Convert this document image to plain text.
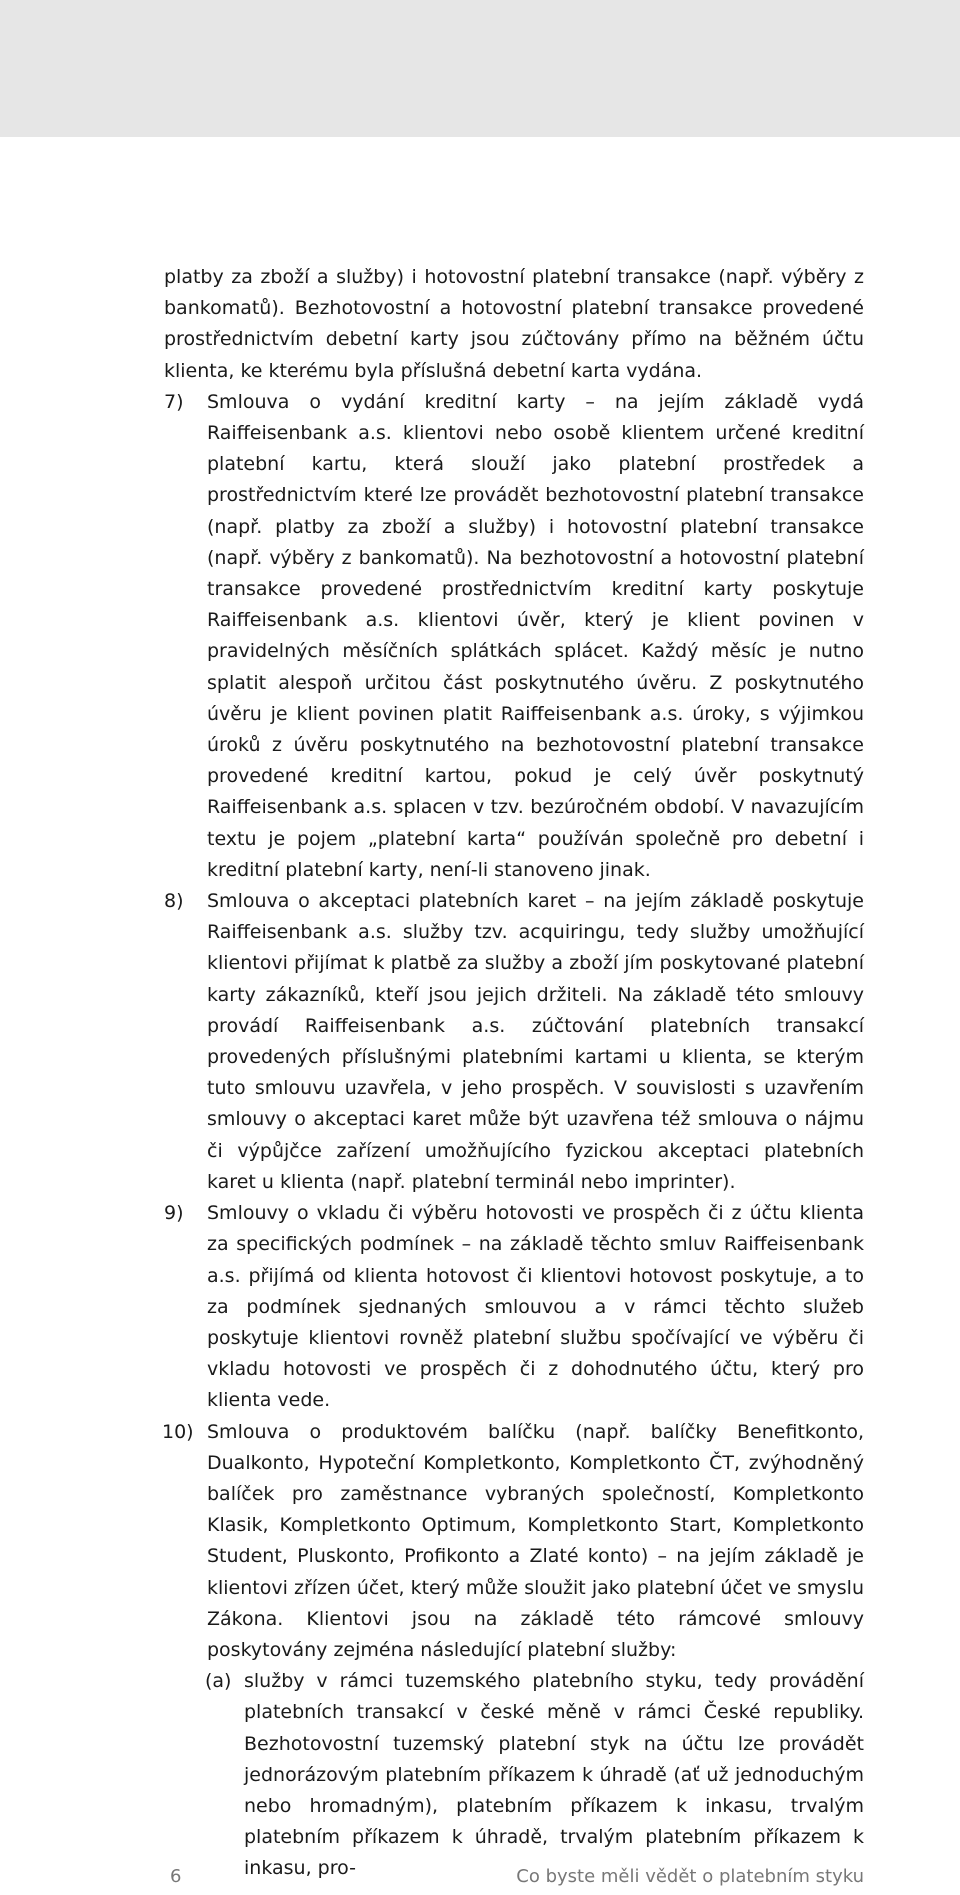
platby za zboží a služby) i hotovostní platební transakce (např. výběry z bankomatů). Bezhotovostní a hotovostní platební transakce provedené prostřednictvím debetní karty jsou zúčtovány přímo na běžném účtu klienta, ke kterému byla příslušná debetní karta vydána.

7) Smlouva o vydání kreditní karty – na jejím základě vydá Raiffeisenbank a.s. klientovi nebo osobě klientem určené kreditní platební kartu, která slouží jako platební prostředek a prostřednictvím které lze provádět bezhotovostní platební transakce (např. platby za zboží a služby) i hotovostní platební transakce (např. výběry z bankomatů). Na bezhotovostní a hotovostní platební transakce provedené prostřednictvím kreditní karty poskytuje Raiffeisenbank a.s. klientovi úvěr, který je klient povinen v pravidelných měsíčních splátkách splácet. Každý měsíc je nutno splatit alespoň určitou část poskytnutého úvěru. Z poskytnutého úvěru je klient povinen platit Raiffeisenbank a.s. úroky, s výjimkou úroků z úvěru poskytnutého na bezhotovostní platební transakce provedené kreditní kartou, pokud je celý úvěr poskytnutý Raiffeisenbank a.s. splacen v tzv. bezúročném období. V navazujícím textu je pojem „platební karta“ používán společně pro debetní i kreditní platební karty, není-li stanoveno jinak.
8) Smlouva o akceptaci platebních karet – na jejím základě poskytuje Raiffeisenbank a.s. služby tzv. acquiringu, tedy služby umožňující klientovi přijímat k platbě za služby a zboží jím poskytované platební karty zákazníků, kteří jsou jejich držiteli. Na základě této smlouvy provádí Raiffeisenbank a.s. zúčtování platebních transakcí provedených příslušnými platebními kartami u klienta, se kterým tuto smlouvu uzavřela, v jeho prospěch. V souvislosti s uzavřením smlouvy o akceptaci karet může být uzavřena též smlouva o nájmu či výpůjčce zařízení umožňujícího fyzickou akceptaci platebních karet u klienta (např. platební terminál nebo imprinter).
9) Smlouvy o vkladu či výběru hotovosti ve prospěch či z účtu klienta za specifických podmínek – na základě těchto smluv Raiffeisenbank a.s. přijímá od klienta hotovost či klientovi hotovost poskytuje, a to za podmínek sjednaných smlouvou a v rámci těchto služeb poskytuje klientovi rovněž platební službu spočívající ve výběru či vkladu hotovosti ve prospěch či z dohodnutého účtu, který pro klienta vede.
10) Smlouva o produktovém balíčku (např. balíčky Benefitkonto, Dualkonto, Hypoteční Kompletkonto, Kompletkonto ČT, zvýhodněný balíček pro zaměstnance vybraných společností, Kompletkonto Klasik, Kompletkonto Optimum, Kompletkonto Start, Kompletkonto Student, Pluskonto, Profikonto a Zlaté konto) – na jejím základě je klientovi zřízen účet, který může sloužit jako platební účet ve smyslu Zákona. Klientovi jsou na základě této rámcové smlouvy poskytovány zejména následující platební služby:
(a) služby v rámci tuzemského platebního styku, tedy provádění platebních transakcí v české měně v rámci České republiky. Bezhotovostní tuzemský platební styk na účtu lze provádět jednorázovým platebním příkazem k úhradě (ať už jednoduchým nebo hromadným), platebním příkazem k inkasu, trvalým platebním příkazem k úhradě, trvalým platebním příkazem k inkasu, pro-
6	Co byste měli vědět o platebním styku
